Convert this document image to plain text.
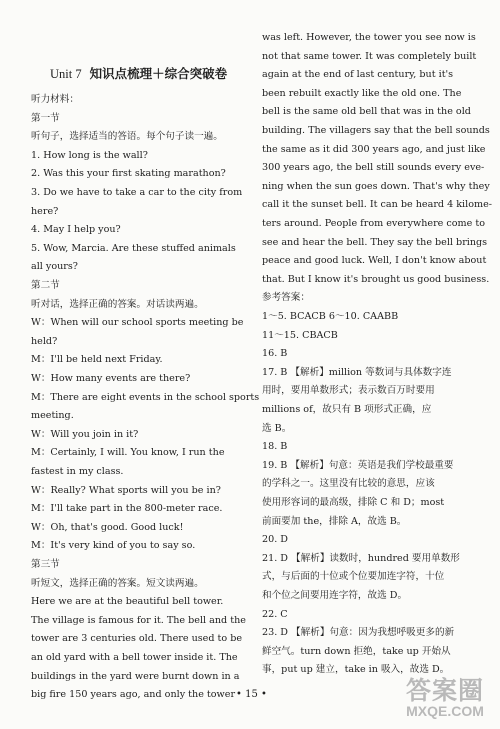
Unit 7 知识点梳理＋综合突破卷
听力材料：
第一节
听句子，选择适当的答语。每个句子读一遍。
1. How long is the wall?
2. Was this your first skating marathon?
3. Do we have to take a car to the city from
here?
4. May I help you?
5. Wow, Marcia. Are these stuffed animals
all yours?
第二节
听对话，选择正确的答案。对话读两遍。
W：When will our school sports meeting be
held?
M：I'll be held next Friday.
W：How many events are there?
M：There are eight events in the school sports
meeting.
W：Will you join in it?
M：Certainly, I will. You know, I run the
fastest in my class.
W：Really? What sports will you be in?
M：I'll take part in the 800-meter race.
W：Oh, that's good. Good luck!
M：It's very kind of you to say so.
第三节
听短文，选择正确的答案。短文读两遍。
Here we are at the beautiful bell tower.
The village is famous for it. The bell and the
tower are 3 centuries old. There used to be
an old yard with a bell tower inside it. The
buildings in the yard were burnt down in a
big fire 150 years ago, and only the tower
was left. However, the tower you see now is
not that same tower. It was completely built
again at the end of last century, but it's
been rebuilt exactly like the old one. The
bell is the same old bell that was in the old
building. The villagers say that the bell sounds
the same as it did 300 years ago, and just like
300 years ago, the bell still sounds every eve-
ning when the sun goes down. That's why they
call it the sunset bell. It can be heard 4 kilome-
ters around. People from everywhere come to
see and hear the bell. They say the bell brings
peace and good luck. Well, I don't know about
that. But I know it's brought us good business.
参考答案：
1～5. BCACB 6～10. CAABB
11～15. CBACB
16. B
17. B 【解析】million 等数词与具体数字连
用时，要用单数形式；表示数百万时要用
millions of，故只有 B 项形式正确，应
选 B。
18. B
19. B 【解析】句意：英语是我们学校最重要
的学科之一。这里没有比较的意思，应该
使用形容词的最高级，排除 C 和 D；most
前面要加 the，排除 A，故选 B。
20. D
21. D 【解析】读数时，hundred 要用单数形
式，与后面的十位或个位要加连字符，十位
和个位之间要用连字符，故选 D。
22. C
23. D 【解析】句意：因为我想呼吸更多的新
鲜空气。turn down 拒绝，take up 开始从
事，put up 建立，take in 吸入，故选 D。
• 15 •	答案圈
MXQE.COM
